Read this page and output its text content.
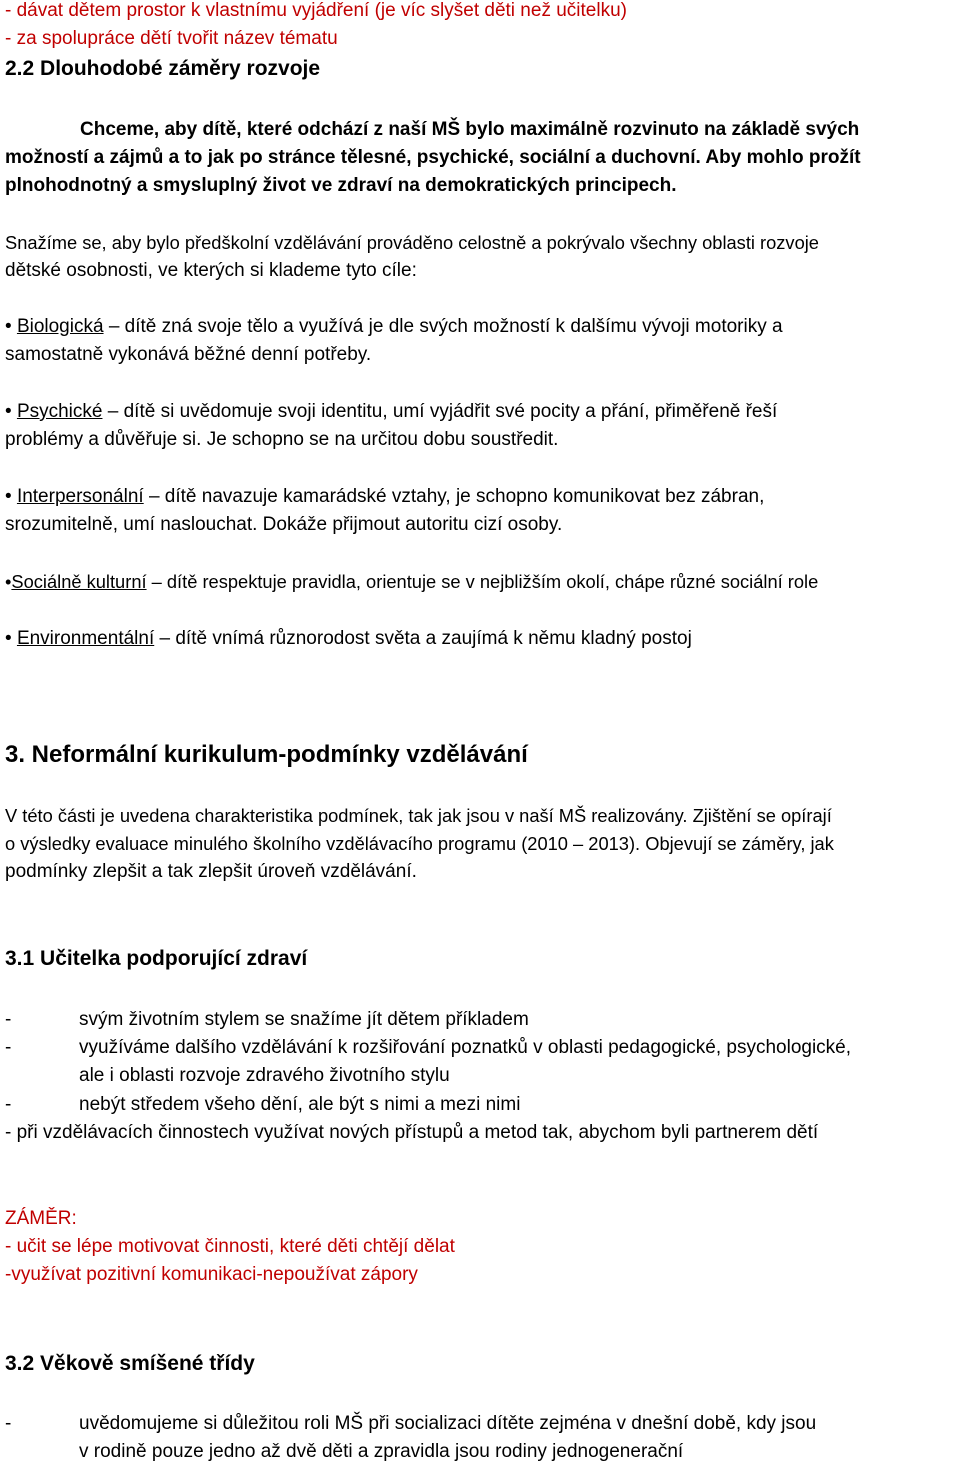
- dávat dětem prostor k vlastnímu vyjádření (je víc slyšet děti než učitelku)
- za spolupráce dětí tvořit název tématu
2.2 Dlouhodobé záměry rozvoje
Chceme, aby dítě, které odchází z naší MŠ bylo maximálně rozvinuto na základě svých
možností a zájmů a to jak po stránce tělesné, psychické, sociální a duchovní. Aby mohlo prožít
plnohodnotný a smysluplný život ve zdraví na demokratických principech.
Snažíme se, aby bylo předškolní vzdělávání prováděno celostně a pokrývalo všechny oblasti rozvoje
dětské osobnosti, ve kterých si klademe tyto cíle:
• Biologická – dítě zná svoje tělo a využívá je dle svých možností k dalšímu vývoji motoriky a
samostatně vykonává běžné denní potřeby.
• Psychické – dítě si uvědomuje svoji identitu, umí vyjádřit své pocity a přání, přiměřeně řeší
problémy a důvěřuje si. Je schopno se na určitou dobu soustředit.
• Interpersonální – dítě navazuje kamarádské vztahy, je schopno komunikovat bez zábran,
srozumitelně, umí naslouchat. Dokáže přijmout autoritu cizí osoby.
•Sociálně kulturní – dítě respektuje pravidla, orientuje se v nejbližším okolí, chápe různé sociální role
• Environmentální – dítě vnímá různorodost světa a zaujímá k němu kladný postoj
3. Neformální kurikulum-podmínky vzdělávání
V této části je uvedena charakteristika podmínek, tak jak jsou v naší MŠ realizovány. Zjištění se opírají
o výsledky evaluace minulého školního vzdělávacího programu (2010 – 2013). Objevují se záměry, jak
podmínky zlepšit a tak zlepšit úroveň vzdělávání.
3.1 Učitelka podporující zdraví
-	svým životním stylem se snažíme jít dětem příkladem
-	využíváme dalšího vzdělávání k rozšiřování poznatků v oblasti pedagogické, psychologické,
ale i oblasti rozvoje zdravého životního stylu
-	nebýt středem všeho dění, ale být s nimi a mezi nimi
- při vzdělávacích činnostech využívat nových přístupů a metod tak, abychom byli partnerem dětí
ZÁMĚR:
- učit se lépe motivovat činnosti, které děti chtějí dělat
-využívat pozitivní komunikaci-nepoužívat zápory
3.2 Věkově smíšené třídy
-	uvědomujeme si důležitou roli MŠ při socializaci dítěte zejména v dnešní době, kdy jsou
v rodině pouze jedno až dvě děti a zpravidla jsou rodiny jednogenerační
